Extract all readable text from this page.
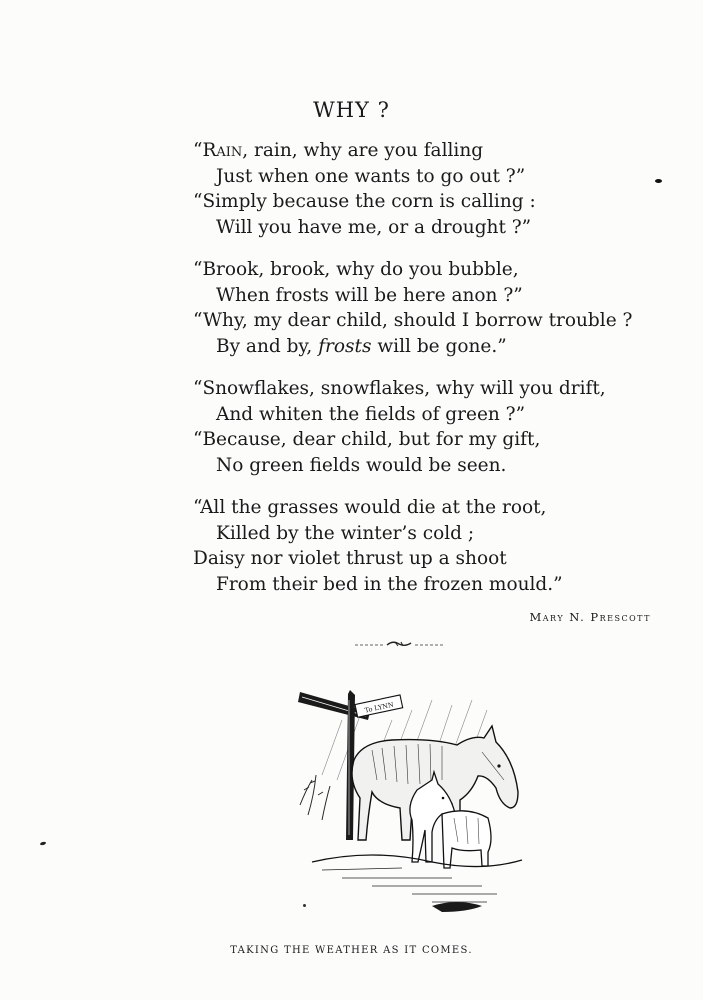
WHY ?
“Rain, rain, why are you falling
Just when one wants to go out ?”
“Simply because the corn is calling :
Will you have me, or a drought ?”
“Brook, brook, why do you bubble,
When frosts will be here anon ?”
“Why, my dear child, should I borrow trouble ?
By and by, frosts will be gone.”
“Snowflakes, snowflakes, why will you drift,
And whiten the fields of green ?”
“Because, dear child, but for my gift,
No green fields would be seen.
“All the grasses would die at the root,
Killed by the winter’s cold ;
Daisy nor violet thrust up a shoot
From their bed in the frozen mould.”
Mary N. Prescott
To LYNN
TAKING THE WEATHER AS IT COMES.
